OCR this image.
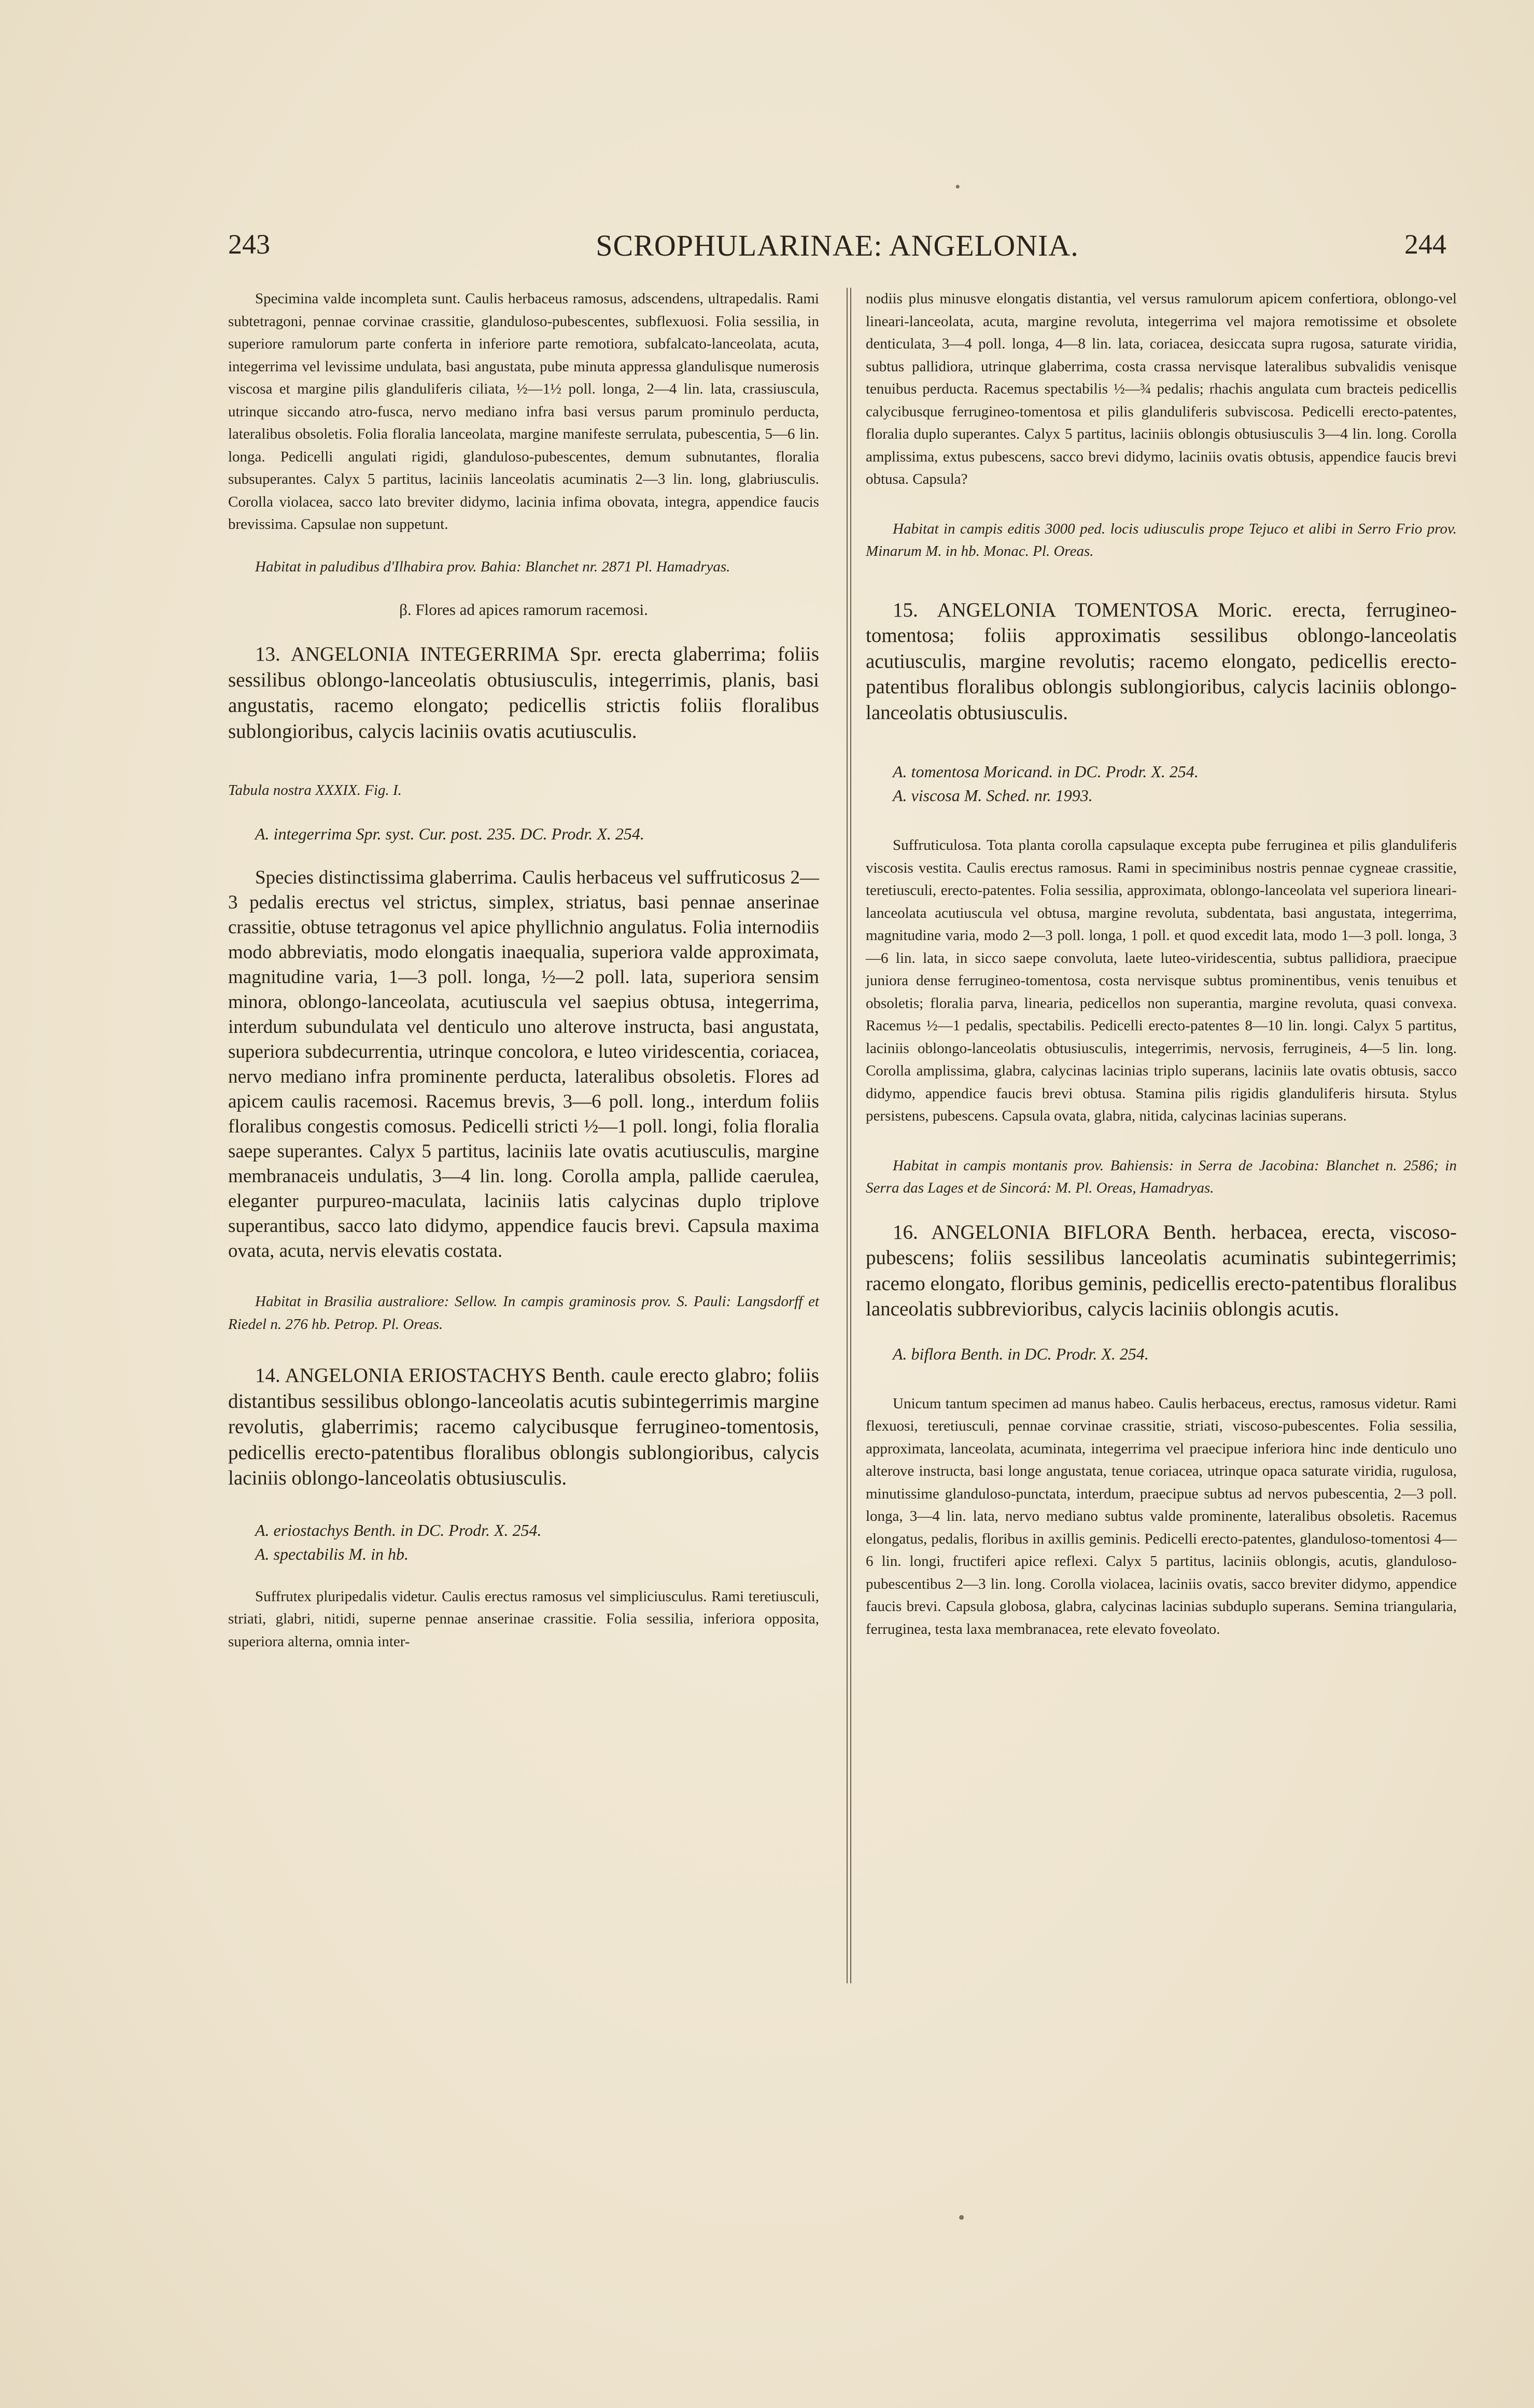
•
•
243	SCROPHULARINAE: ANGELONIA.	244

Specimina valde incompleta sunt. Caulis herbaceus ramosus, adscendens, ultrapedalis. Rami subtetragoni, pennae corvinae crassitie, glanduloso-pubescentes, subflexuosi. Folia sessilia, in superiore ramulorum parte conferta in inferiore parte remotiora, subfalcato-lanceolata, acuta, integerrima vel levissime undulata, basi angustata, pube minuta appressa glandulisque numerosis viscosa et margine pilis glanduliferis ciliata, ½—1½ poll. longa, 2—4 lin. lata, crassiuscula, utrinque siccando atro-fusca, nervo mediano infra basi versus parum prominulo perducta, lateralibus obsoletis. Folia floralia lanceolata, margine manifeste serrulata, pubescentia, 5—6 lin. longa. Pedicelli angulati rigidi, glanduloso-pubescentes, demum subnutantes, floralia subsuperantes. Calyx 5 partitus, laciniis lanceolatis acuminatis 2—3 lin. long, glabriusculis. Corolla violacea, sacco lato breviter didymo, lacinia infima obovata, integra, appendice faucis brevissima. Capsulae non suppetunt.

Habitat in paludibus d'Ilhabira prov. Bahia: Blanchet nr. 2871 Pl. Hamadryas.

β. Flores ad apices ramorum racemosi.

13. ANGELONIA INTEGERRIMA Spr. erecta glaberrima; foliis sessilibus oblongo-lanceolatis obtusiusculis, integerrimis, planis, basi angustatis, racemo elongato; pedicellis strictis foliis floralibus sublongioribus, calycis laciniis ovatis acutiusculis.

Tabula nostra XXXIX. Fig. I.

A. integerrima Spr. syst. Cur. post. 235. DC. Prodr. X. 254.

Species distinctissima glaberrima. Caulis herbaceus vel suffruticosus 2—3 pedalis erectus vel strictus, simplex, striatus, basi pennae anserinae crassitie, obtuse tetragonus vel apice phyllichnio angulatus. Folia internodiis modo abbreviatis, modo elongatis inaequalia, superiora valde approximata, magnitudine varia, 1—3 poll. longa, ½—2 poll. lata, superiora sensim minora, oblongo-lanceolata, acutiuscula vel saepius obtusa, integerrima, interdum subundulata vel denticulo uno alterove instructa, basi angustata, superiora subdecurrentia, utrinque concolora, e luteo viridescentia, coriacea, nervo mediano infra prominente perducta, lateralibus obsoletis. Flores ad apicem caulis racemosi. Racemus brevis, 3—6 poll. long., interdum foliis floralibus congestis comosus. Pedicelli stricti ½—1 poll. longi, folia floralia saepe superantes. Calyx 5 partitus, laciniis late ovatis acutiusculis, margine membranaceis undulatis, 3—4 lin. long. Corolla ampla, pallide caerulea, eleganter purpureo-maculata, laciniis latis calycinas duplo triplove superantibus, sacco lato didymo, appendice faucis brevi. Capsula maxima ovata, acuta, nervis elevatis costata.

Habitat in Brasilia australiore: Sellow. In campis graminosis prov. S. Pauli: Langsdorff et Riedel n. 276 hb. Petrop. Pl. Oreas.

14. ANGELONIA ERIOSTACHYS Benth. caule erecto glabro; foliis distantibus sessilibus oblongo-lanceolatis acutis subintegerrimis margine revolutis, glaberrimis; racemo calycibusque ferrugineo-tomentosis, pedicellis erecto-patentibus floralibus oblongis sublongioribus, calycis laciniis oblongo-lanceolatis obtusiusculis.

A. eriostachys Benth. in DC. Prodr. X. 254.

A. spectabilis M. in hb.

Suffrutex pluripedalis videtur. Caulis erectus ramosus vel simpliciusculus. Rami teretiusculi, striati, glabri, nitidi, superne pennae anserinae crassitie. Folia sessilia, inferiora opposita, superiora alterna, omnia inter-

nodiis plus minusve elongatis distantia, vel versus ramulorum apicem confertiora, oblongo-vel lineari-lanceolata, acuta, margine revoluta, integerrima vel majora remotissime et obsolete denticulata, 3—4 poll. longa, 4—8 lin. lata, coriacea, desiccata supra rugosa, saturate viridia, subtus pallidiora, utrinque glaberrima, costa crassa nervisque lateralibus subvalidis venisque tenuibus perducta. Racemus spectabilis ½—¾ pedalis; rhachis angulata cum bracteis pedicellis calycibusque ferrugineo-tomentosa et pilis glanduliferis subviscosa. Pedicelli erecto-patentes, floralia duplo superantes. Calyx 5 partitus, laciniis oblongis obtusiusculis 3—4 lin. long. Corolla amplissima, extus pubescens, sacco brevi didymo, laciniis ovatis obtusis, appendice faucis brevi obtusa. Capsula?

Habitat in campis editis 3000 ped. locis udiusculis prope Tejuco et alibi in Serro Frio prov. Minarum M. in hb. Monac. Pl. Oreas.

15. ANGELONIA TOMENTOSA Moric. erecta, ferrugineo-tomentosa; foliis approximatis sessilibus oblongo-lanceolatis acutiusculis, margine revolutis; racemo elongato, pedicellis erecto-patentibus floralibus oblongis sublongioribus, calycis laciniis oblongo-lanceolatis obtusiusculis.

A. tomentosa Moricand. in DC. Prodr. X. 254.

A. viscosa M. Sched. nr. 1993.

Suffruticulosa. Tota planta corolla capsulaque excepta pube ferruginea et pilis glanduliferis viscosis vestita. Caulis erectus ramosus. Rami in speciminibus nostris pennae cygneae crassitie, teretiusculi, erecto-patentes. Folia sessilia, approximata, oblongo-lanceolata vel superiora lineari-lanceolata acutiuscula vel obtusa, margine revoluta, subdentata, basi angustata, integerrima, magnitudine varia, modo 2—3 poll. longa, 1 poll. et quod excedit lata, modo 1—3 poll. longa, 3—6 lin. lata, in sicco saepe convoluta, laete luteo-viridescentia, subtus pallidiora, praecipue juniora dense ferrugineo-tomentosa, costa nervisque subtus prominentibus, venis tenuibus et obsoletis; floralia parva, linearia, pedicellos non superantia, margine revoluta, quasi convexa. Racemus ½—1 pedalis, spectabilis. Pedicelli erecto-patentes 8—10 lin. longi. Calyx 5 partitus, laciniis oblongo-lanceolatis obtusiusculis, integerrimis, nervosis, ferrugineis, 4—5 lin. long. Corolla amplissima, glabra, calycinas lacinias triplo superans, laciniis late ovatis obtusis, sacco didymo, appendice faucis brevi obtusa. Stamina pilis rigidis glanduliferis hirsuta. Stylus persistens, pubescens. Capsula ovata, glabra, nitida, calycinas lacinias superans.

Habitat in campis montanis prov. Bahiensis: in Serra de Jacobina: Blanchet n. 2586; in Serra das Lages et de Sincorá: M. Pl. Oreas, Hamadryas.

16. ANGELONIA BIFLORA Benth. herbacea, erecta, viscoso-pubescens; foliis sessilibus lanceolatis acuminatis subintegerrimis; racemo elongato, floribus geminis, pedicellis erecto-patentibus floralibus lanceolatis subbrevioribus, calycis laciniis oblongis acutis.

A. biflora Benth. in DC. Prodr. X. 254.

Unicum tantum specimen ad manus habeo. Caulis herbaceus, erectus, ramosus videtur. Rami flexuosi, teretiusculi, pennae corvinae crassitie, striati, viscoso-pubescentes. Folia sessilia, approximata, lanceolata, acuminata, integerrima vel praecipue inferiora hinc inde denticulo uno alterove instructa, basi longe angustata, tenue coriacea, utrinque opaca saturate viridia, rugulosa, minutissime glanduloso-punctata, interdum, praecipue subtus ad nervos pubescentia, 2—3 poll. longa, 3—4 lin. lata, nervo mediano subtus valde prominente, lateralibus obsoletis. Racemus elongatus, pedalis, floribus in axillis geminis. Pedicelli erecto-patentes, glanduloso-tomentosi 4—6 lin. longi, fructiferi apice reflexi. Calyx 5 partitus, laciniis oblongis, acutis, glanduloso-pubescentibus 2—3 lin. long. Corolla violacea, laciniis ovatis, sacco breviter didymo, appendice faucis brevi. Capsula globosa, glabra, calycinas lacinias subduplo superans. Semina triangularia, ferruginea, testa laxa membranacea, rete elevato foveolato.
